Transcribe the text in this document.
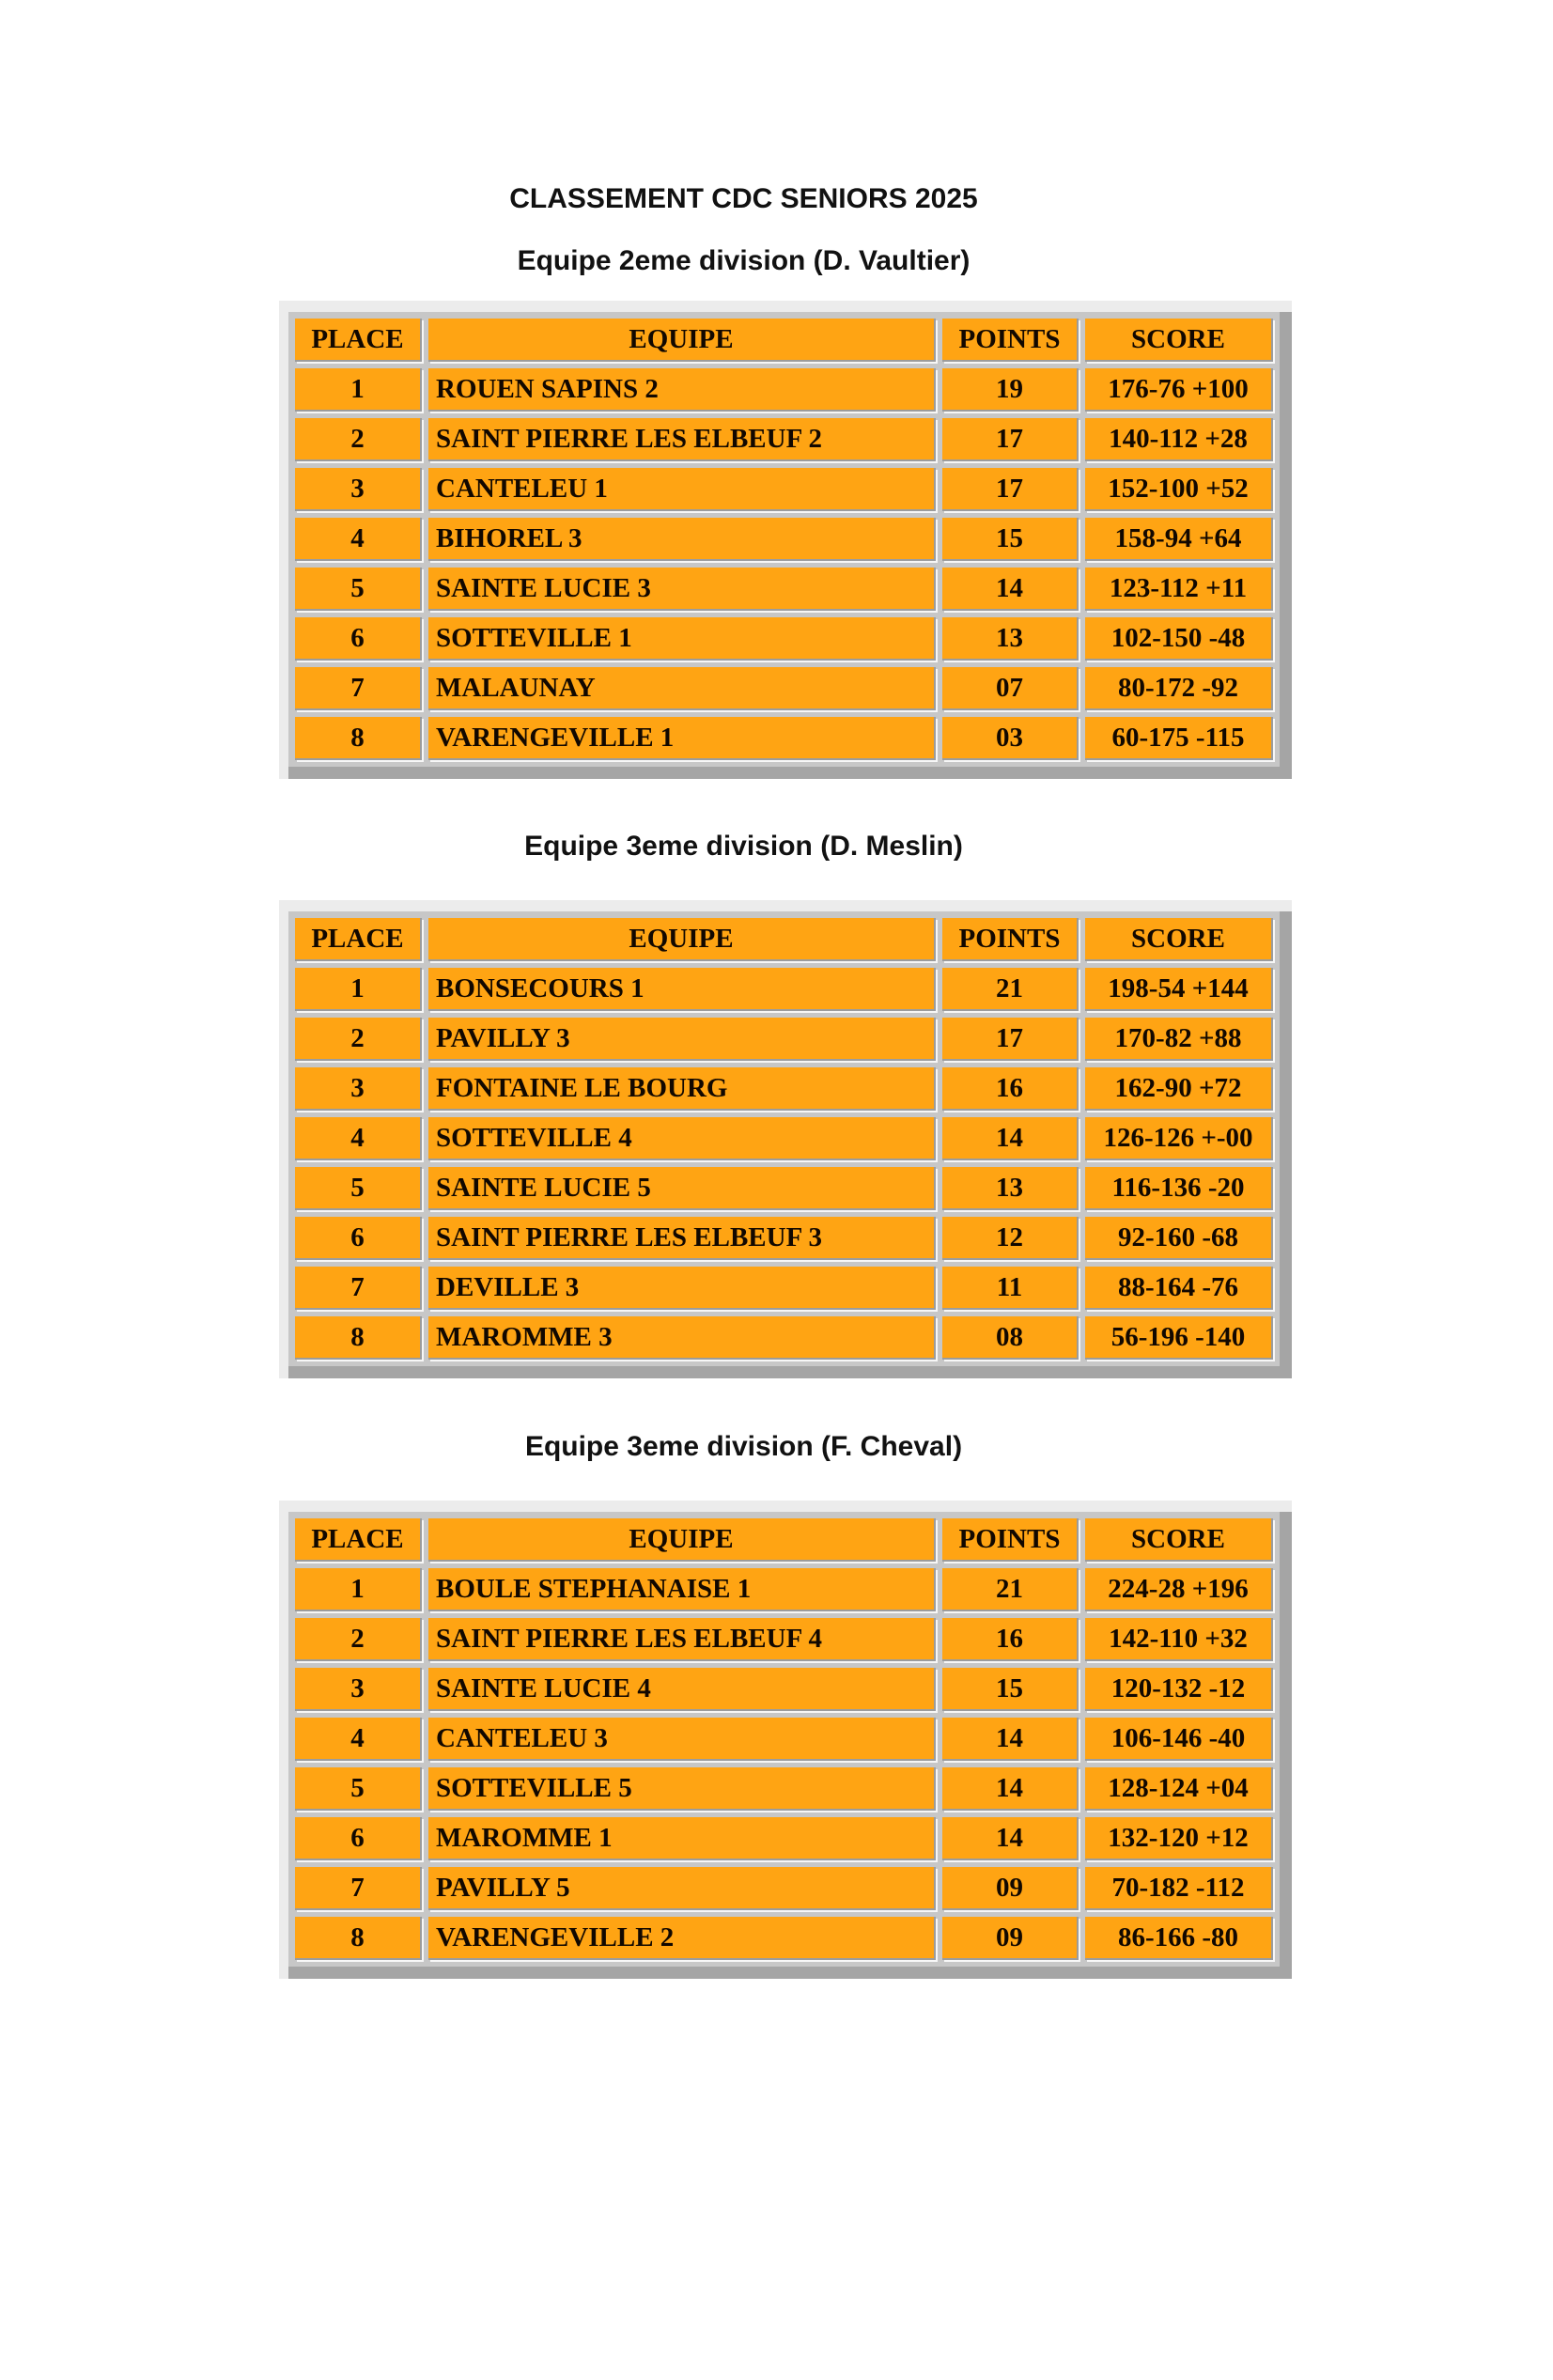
CLASSEMENT CDC SENIORS 2025
Equipe 2eme division (D. Vaultier)
PLACE	EQUIPE	POINTS	SCORE
1	ROUEN SAPINS 2	19	176-76 +100
2	SAINT PIERRE LES ELBEUF 2	17	140-112 +28
3	CANTELEU 1	17	152-100 +52
4	BIHOREL 3	15	158-94 +64
5	SAINTE LUCIE 3	14	123-112 +11
6	SOTTEVILLE 1	13	102-150 -48
7	MALAUNAY	07	80-172 -92
8	VARENGEVILLE 1	03	60-175 -115
Equipe 3eme division (D. Meslin)
PLACE	EQUIPE	POINTS	SCORE
1	BONSECOURS 1	21	198-54 +144
2	PAVILLY 3	17	170-82 +88
3	FONTAINE LE BOURG	16	162-90 +72
4	SOTTEVILLE 4	14	126-126 +-00
5	SAINTE LUCIE 5	13	116-136 -20
6	SAINT PIERRE LES ELBEUF 3	12	92-160 -68
7	DEVILLE 3	11	88-164 -76
8	MAROMME 3	08	56-196 -140
Equipe 3eme division (F. Cheval)
PLACE	EQUIPE	POINTS	SCORE
1	BOULE STEPHANAISE 1	21	224-28 +196
2	SAINT PIERRE LES ELBEUF 4	16	142-110 +32
3	SAINTE LUCIE 4	15	120-132 -12
4	CANTELEU 3	14	106-146 -40
5	SOTTEVILLE 5	14	128-124 +04
6	MAROMME 1	14	132-120 +12
7	PAVILLY 5	09	70-182 -112
8	VARENGEVILLE 2	09	86-166 -80
